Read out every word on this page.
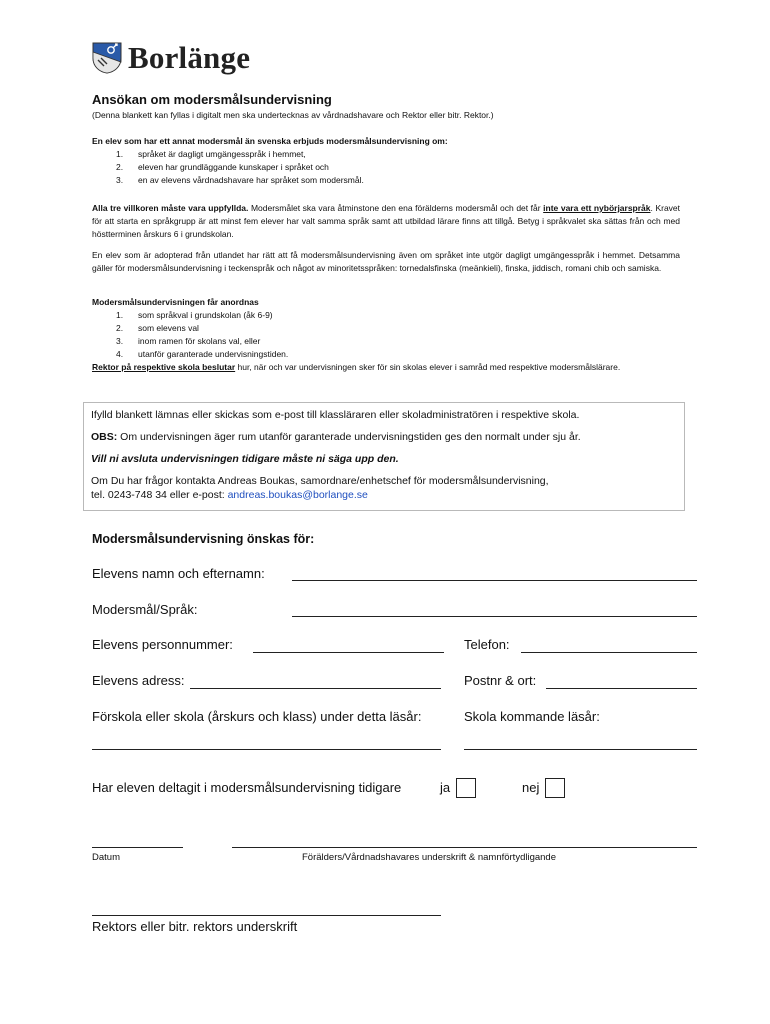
Borlänge
Ansökan om modersmålsundervisning
(Denna blankett kan fyllas i digitalt men ska undertecknas av vårdnadshavare och Rektor eller bitr. Rektor.)
En elev som har ett annat modersmål än svenska erbjuds modersmålsundervisning om:
1. språket är dagligt umgängesspråk i hemmet,
2. eleven har grundläggande kunskaper i språket och
3. en av elevens vårdnadshavare har språket som modersmål.
Alla tre villkoren måste vara uppfyllda. Modersmålet ska vara åtminstone den ena förälderns modersmål och det får inte vara ett nybörjarspråk. Kravet för att starta en språkgrupp är att minst fem elever har valt samma språk samt att utbildad lärare finns att tillgå. Betyg i språkvalet ska sättas från och med höstterminen årskurs 6 i grundskolan.
En elev som är adopterad från utlandet har rätt att få modersmålsundervisning även om språket inte utgör dagligt umgängesspråk i hemmet. Detsamma gäller för modersmålsundervisning i teckenspråk och något av minoritetsspråken: tornedalsfinska (meänkieli), finska, jiddisch, romani chib och samiska.
Modersmålsundervisningen får anordnas
1. som språkval i grundskolan (åk 6-9)
2. som elevens val
3. inom ramen för skolans val, eller
4. utanför garanterade undervisningstiden.
Rektor på respektive skola beslutar hur, när och var undervisningen sker för sin skolas elever i samråd med respektive modersmålslärare.

Ifylld blankett lämnas eller skickas som e-post till klassläraren eller skoladministratören i respektive skola.

OBS: Om undervisningen äger rum utanför garanterade undervisningstiden ges den normalt under sju år.

Vill ni avsluta undervisningen tidigare måste ni säga upp den.

Om Du har frågor kontakta Andreas Boukas, samordnare/enhetschef för modersmålsundervisning,
tel. 0243-748 34 eller e-post: andreas.boukas@borlange.se

Modersmålsundervisning önskas för:
Elevens namn och efternamn:
Modersmål/Språk:
Elevens personnummer:	Telefon:
Elevens adress:	Postnr & ort:
Förskola eller skola (årskurs och klass) under detta läsår:	Skola kommande läsår:
Har eleven deltagit i modersmålsundervisning tidigare	ja	nej
Datum	Förälders/Vårdnadshavares underskrift & namnförtydligande
Rektors eller bitr. rektors underskrift
